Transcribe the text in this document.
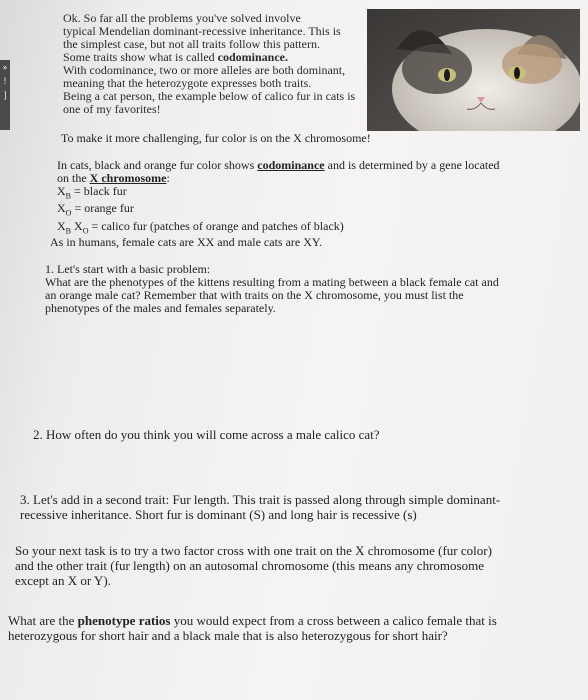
»
!
]
Ok. So far all the problems you've solved involve
typical Mendelian dominant-recessive inheritance. This is
the simplest case, but not all traits follow this pattern.
Some traits show what is called codominance.
With codominance, two or more alleles are both dominant,
meaning that the heterozygote expresses both traits.
Being a cat person, the example below of calico fur in cats is
one of my favorites!
To make it more challenging, fur color is on the X chromosome!
In cats, black and orange fur color shows codominance and is determined by a gene located
on the X chromosome:
$X_B$ = black fur
$X_O$ = orange fur
$X_B$ $X_O$ = calico fur (patches of orange and patches of black)
As in humans, female cats are XX and male cats are XY.
1. Let's start with a basic problem:
What are the phenotypes of the kittens resulting from a mating between a black female cat and
an orange male cat? Remember that with traits on the X chromosome, you must list the
phenotypes of the males and females separately.
2. How often do you think you will come across a male calico cat?
3. Let's add in a second trait: Fur length. This trait is passed along through simple dominant-
recessive inheritance. Short fur is dominant (S) and long hair is recessive (s)
So your next task is to try a two factor cross with one trait on the X chromosome (fur color)
and the other trait (fur length) on an autosomal chromosome (this means any chromosome
except an X or Y).
What are the phenotype ratios you would expect from a cross between a calico female that is
heterozygous for short hair and a black male that is also heterozygous for short hair?
